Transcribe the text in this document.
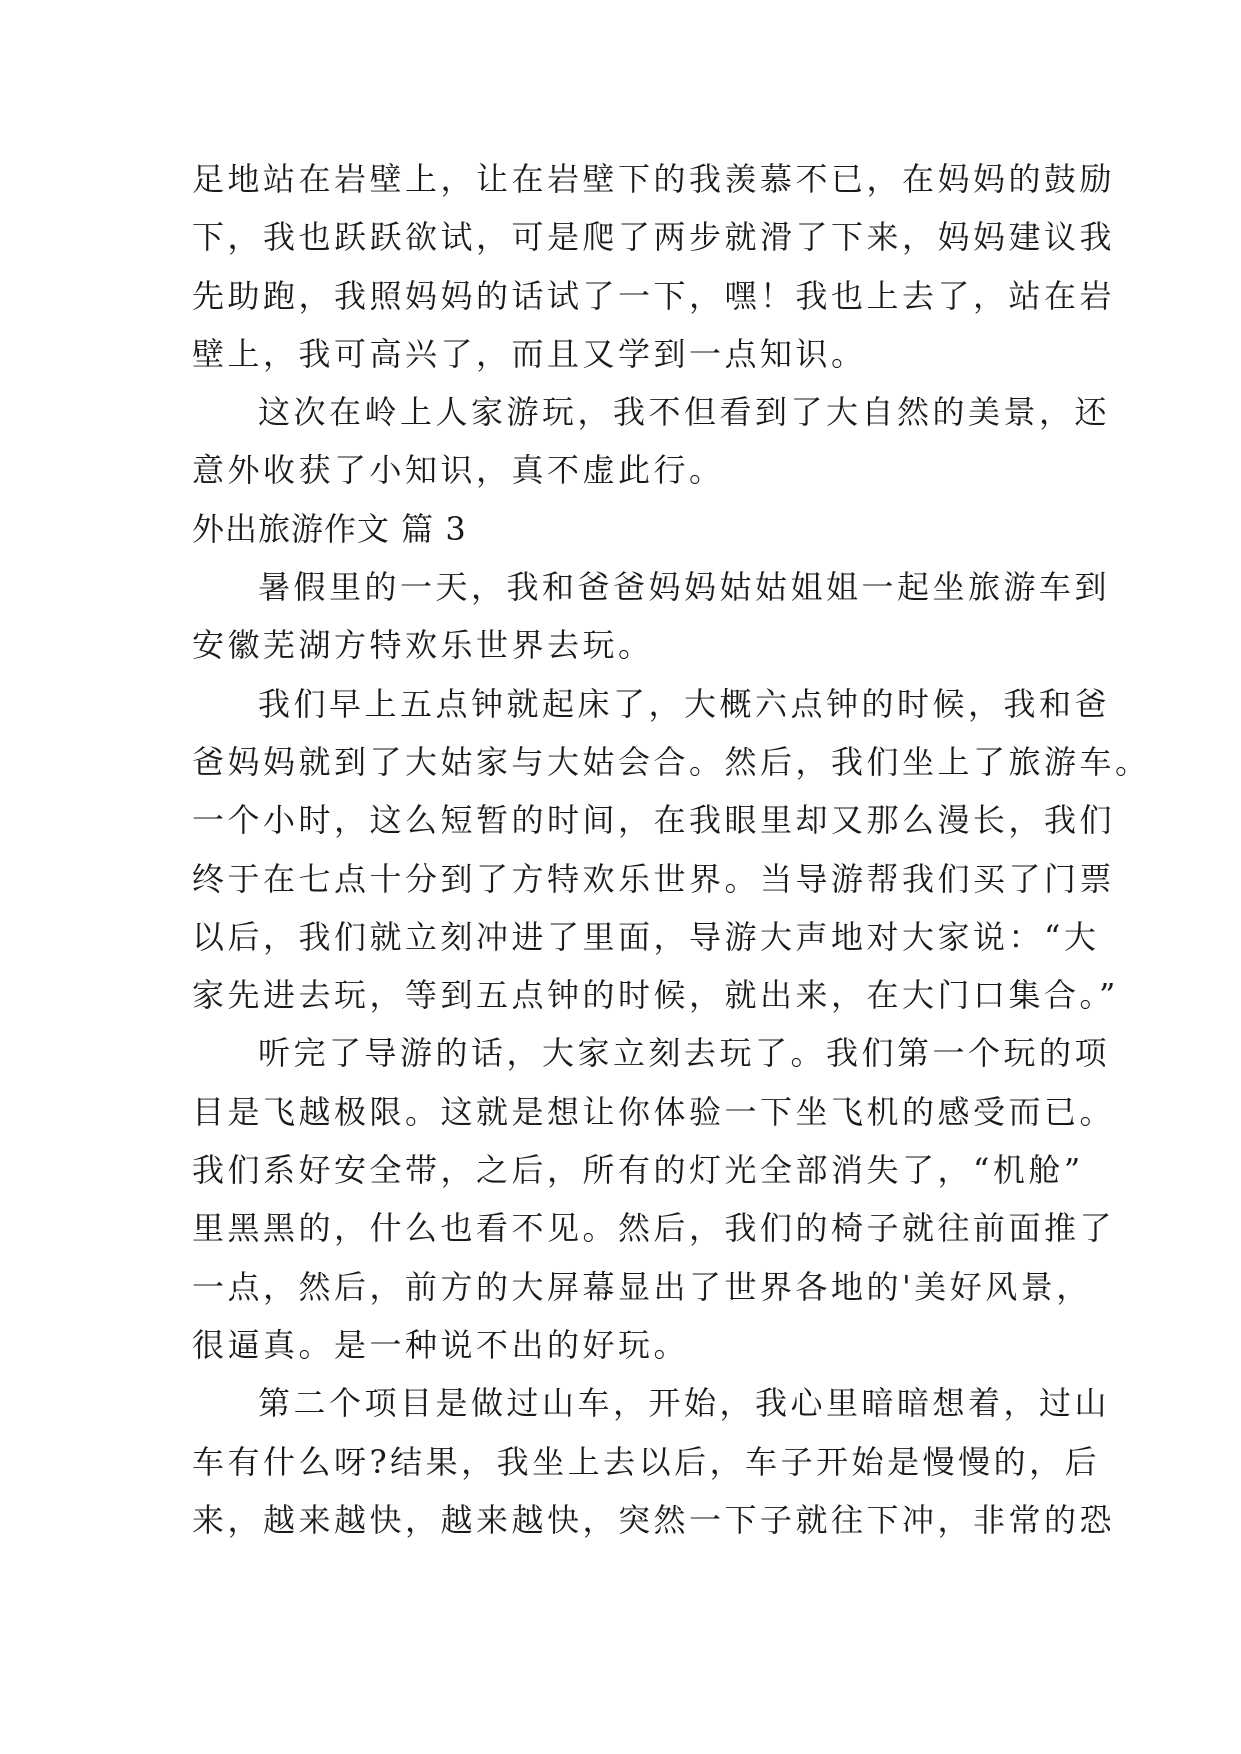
足地站在岩壁上，让在岩壁下的我羡慕不已，在妈妈的鼓励
下，我也跃跃欲试，可是爬了两步就滑了下来，妈妈建议我
先助跑，我照妈妈的话试了一下，嘿！我也上去了，站在岩
壁上，我可高兴了，而且又学到一点知识。
这次在岭上人家游玩，我不但看到了大自然的美景，还
意外收获了小知识，真不虚此行。
外出旅游作文 篇 3
暑假里的一天，我和爸爸妈妈姑姑姐姐一起坐旅游车到
安徽芜湖方特欢乐世界去玩。
我们早上五点钟就起床了，大概六点钟的时候，我和爸
爸妈妈就到了大姑家与大姑会合。然后，我们坐上了旅游车。
一个小时，这么短暂的时间，在我眼里却又那么漫长，我们
终于在七点十分到了方特欢乐世界。当导游帮我们买了门票
以后，我们就立刻冲进了里面，导游大声地对大家说：“大
家先进去玩，等到五点钟的时候，就出来，在大门口集合。”
听完了导游的话，大家立刻去玩了。我们第一个玩的项
目是飞越极限。这就是想让你体验一下坐飞机的感受而已。
我们系好安全带，之后，所有的灯光全部消失了，“机舱”
里黑黑的，什么也看不见。然后，我们的椅子就往前面推了
一点，然后，前方的大屏幕显出了世界各地的'美好风景，
很逼真。是一种说不出的好玩。
第二个项目是做过山车，开始，我心里暗暗想着，过山
车有什么呀?结果，我坐上去以后，车子开始是慢慢的，后
来，越来越快，越来越快，突然一下子就往下冲，非常的恐
